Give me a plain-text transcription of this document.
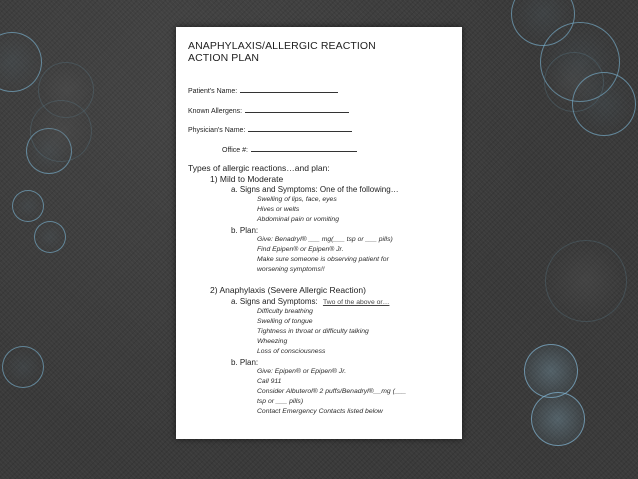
ANAPHYLAXIS/ALLERGIC REACTION
ACTION PLAN
Patient's Name:
Known Allergens:
Physician's Name:
Office #:
Types of allergic reactions…and plan:
1) Mild to Moderate
a. Signs and Symptoms: One of the following…
Swelling of lips, face, eyes
Hives or welts
Abdominal pain or vomiting
b. Plan:
Give: Benadryl® ___ mg(___ tsp or ___ pills)
Find Epipen® or Epipen® Jr.
Make sure someone is observing patient for
worsening symptoms!!
2) Anaphylaxis (Severe Allergic Reaction)
a. Signs and Symptoms: Two of the above or…
Difficulty breathing
Swelling of tongue
Tightness in throat or difficulty talking
Wheezing
Loss of consciousness
b. Plan:
Give: Epipen® or Epipen® Jr.
Call 911
Consider Albuterol® 2 puffs/Benadryl®__mg (___
tsp or ___ pills)
Contact Emergency Contacts listed below
